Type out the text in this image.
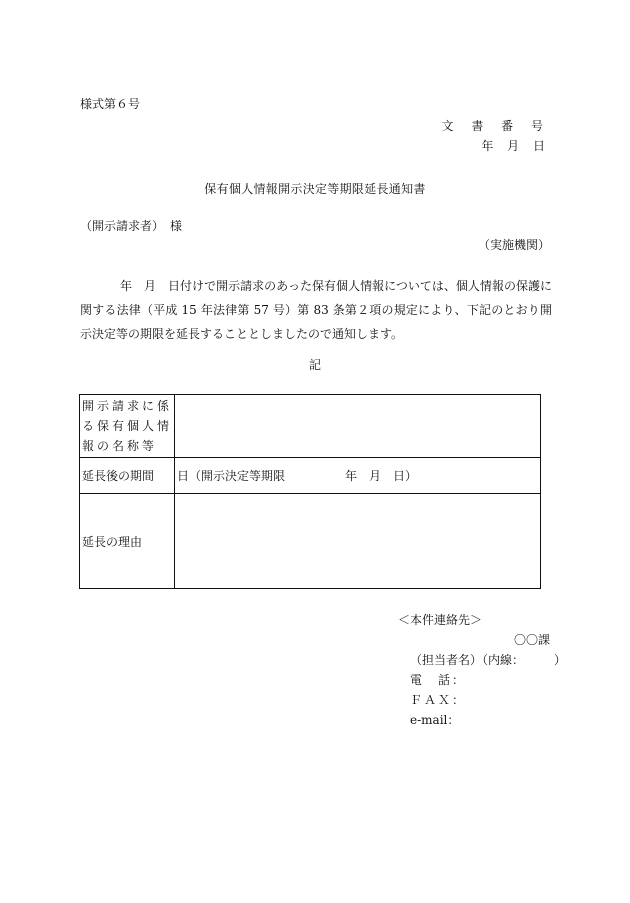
様式第６号
文 書 番 号
年 月 日
保有個人情報開示決定等期限延長通知書
（開示請求者）　様
（実施機関）
年　月　日付けで開示請求のあった保有個人情報については、個人情報の保護に関する法律（平成 15 年法律第 57 号）第 83 条第２項の規定により、下記のとおり開示決定等の期限を延長することとしましたので通知します。
記
開示請求に係る保有個人情報の名称等	
延長後の期間	日（開示決定等期限　　　　　年　月　日）
延長の理由	
＜本件連絡先＞
〇〇課
（担当者名）（内線：	）
電　話：
ＦＡＸ：
e-mail：
